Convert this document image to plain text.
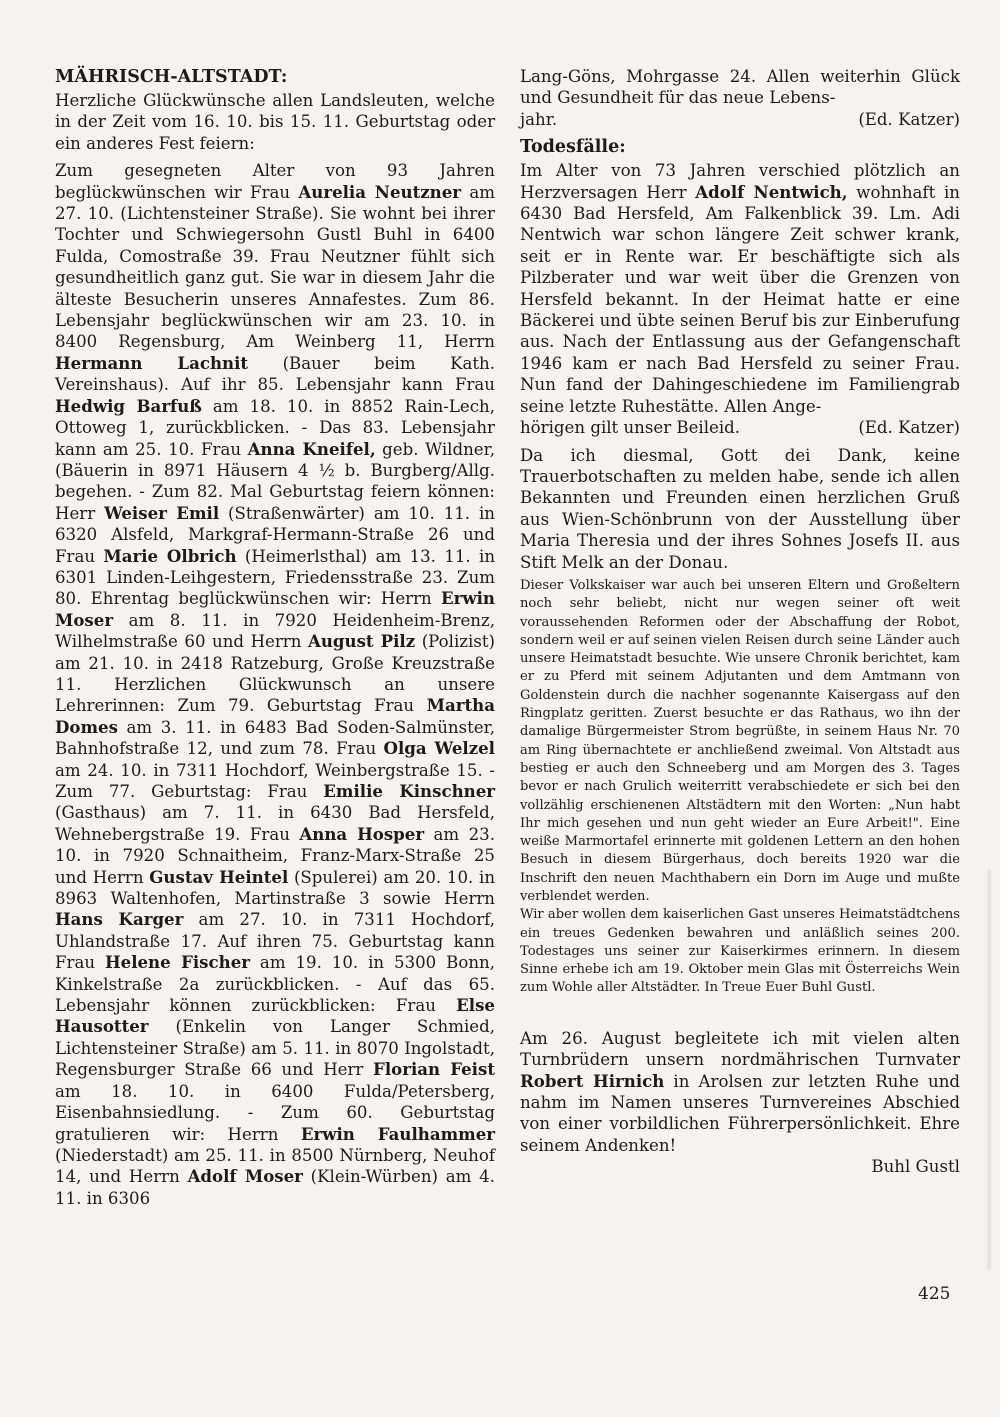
MÄHRISCH-ALTSTADT:

Herzliche Glückwünsche allen Landsleuten, welche in der Zeit vom 16. 10. bis 15. 11. Geburtstag oder ein anderes Fest feiern:

Zum gesegneten Alter von 93 Jahren beglückwünschen wir Frau Aurelia Neutzner am 27. 10. (Lichtensteiner Straße). Sie wohnt bei ihrer Tochter und Schwiegersohn Gustl Buhl in 6400 Fulda, Comostraße 39. Frau Neutzner fühlt sich gesundheitlich ganz gut. Sie war in diesem Jahr die älteste Besucherin unseres Annafestes. Zum 86. Lebensjahr beglückwünschen wir am 23. 10. in 8400 Regensburg, Am Weinberg 11, Herrn Hermann Lachnit (Bauer beim Kath. Vereinshaus). Auf ihr 85. Lebensjahr kann Frau Hedwig Barfuß am 18. 10. in 8852 Rain-Lech, Ottoweg 1, zurückblicken. - Das 83. Lebensjahr kann am 25. 10. Frau Anna Kneifel, geb. Wildner, (Bäuerin in 8971 Häusern 4 ½ b. Burgberg/Allg. begehen. - Zum 82. Mal Geburtstag feiern können: Herr Weiser Emil (Straßenwärter) am 10. 11. in 6320 Alsfeld, Markgraf-Hermann-Straße 26 und Frau Marie Olbrich (Heimerlsthal) am 13. 11. in 6301 Linden-Leihgestern, Friedensstraße 23. Zum 80. Ehrentag beglückwünschen wir: Herrn Erwin Moser am 8. 11. in 7920 Heidenheim-Brenz, Wilhelmstraße 60 und Herrn August Pilz (Polizist) am 21. 10. in 2418 Ratzeburg, Große Kreuzstraße 11. Herzlichen Glückwunsch an unsere Lehrerinnen: Zum 79. Geburtstag Frau Martha Domes am 3. 11. in 6483 Bad Soden-Salmünster, Bahnhofstraße 12, und zum 78. Frau Olga Welzel am 24. 10. in 7311 Hochdorf, Weinbergstraße 15. - Zum 77. Geburtstag: Frau Emilie Kinschner (Gasthaus) am 7. 11. in 6430 Bad Hersfeld, Wehnebergstraße 19. Frau Anna Hosper am 23. 10. in 7920 Schnaitheim, Franz-Marx-Straße 25 und Herrn Gustav Heintel (Spulerei) am 20. 10. in 8963 Waltenhofen, Martinstraße 3 sowie Herrn Hans Karger am 27. 10. in 7311 Hochdorf, Uhlandstraße 17. Auf ihren 75. Geburtstag kann Frau Helene Fischer am 19. 10. in 5300 Bonn, Kinkelstraße 2a zurückblicken. - Auf das 65. Lebensjahr können zurückblicken: Frau Else Hausotter (Enkelin von Langer Schmied, Lichtensteiner Straße) am 5. 11. in 8070 Ingolstadt, Regensburger Straße 66 und Herr Florian Feist am 18. 10. in 6400 Fulda/Petersberg, Eisenbahnsiedlung. - Zum 60. Geburtstag gratulieren wir: Herrn Erwin Faulhammer (Niederstadt) am 25. 11. in 8500 Nürnberg, Neuhof 14, und Herrn Adolf Moser (Klein-Würben) am 4. 11. in 6306

Lang-Göns, Mohrgasse 24. Allen weiterhin Glück und Gesundheit für das neue Lebens-

jahr.	(Ed. Katzer)

Todesfälle:

Im Alter von 73 Jahren verschied plötzlich an Herzversagen Herr Adolf Nentwich, wohnhaft in 6430 Bad Hersfeld, Am Falkenblick 39. Lm. Adi Nentwich war schon längere Zeit schwer krank, seit er in Rente war. Er beschäftigte sich als Pilzberater und war weit über die Grenzen von Hersfeld bekannt. In der Heimat hatte er eine Bäckerei und übte seinen Beruf bis zur Einberufung aus. Nach der Entlassung aus der Gefangenschaft 1946 kam er nach Bad Hersfeld zu seiner Frau. Nun fand der Dahingeschiedene im Familiengrab seine letzte Ruhestätte. Allen Ange-

hörigen gilt unser Beileid.	(Ed. Katzer)

Da ich diesmal, Gott dei Dank, keine Trauerbotschaften zu melden habe, sende ich allen Bekannten und Freunden einen herzlichen Gruß aus Wien-Schönbrunn von der Ausstellung über Maria Theresia und der ihres Sohnes Josefs II. aus Stift Melk an der Donau.

Dieser Volkskaiser war auch bei unseren Eltern und Großeltern noch sehr beliebt, nicht nur wegen seiner oft weit voraussehenden Reformen oder der Abschaffung der Robot, sondern weil er auf seinen vielen Reisen durch seine Länder auch unsere Heimatstadt besuchte. Wie unsere Chronik berichtet, kam er zu Pferd mit seinem Adjutanten und dem Amtmann von Goldenstein durch die nachher sogenannte Kaisergass auf den Ringplatz geritten. Zuerst besuchte er das Rathaus, wo ihn der damalige Bürgermeister Strom begrüßte, in seinem Haus Nr. 70 am Ring übernachtete er anchließend zweimal. Von Altstadt aus bestieg er auch den Schneeberg und am Morgen des 3. Tages bevor er nach Grulich weiterritt verabschiedete er sich bei den vollzählig erschienenen Altstädtern mit den Worten: „Nun habt Ihr mich gesehen und nun geht wieder an Eure Arbeit!". Eine weiße Marmortafel erinnerte mit goldenen Lettern an den hohen Besuch in diesem Bürgerhaus, doch bereits 1920 war die Inschrift den neuen Machthabern ein Dorn im Auge und mußte verblendet werden.

Wir aber wollen dem kaiserlichen Gast unseres Heimatstädtchens ein treues Gedenken bewahren und anläßlich seines 200. Todestages uns seiner zur Kaiserkirmes erinnern. In diesem Sinne erhebe ich am 19. Oktober mein Glas mit Österreichs Wein zum Wohle aller Altstädter. In Treue Euer Buhl Gustl.

Am 26. August begleitete ich mit vielen alten Turnbrüdern unsern nordmährischen Turnvater Robert Hirnich in Arolsen zur letzten Ruhe und nahm im Namen unseres Turnvereines Abschied von einer vorbildlichen Führerpersönlichkeit. Ehre seinem Andenken!

Buhl Gustl

425
